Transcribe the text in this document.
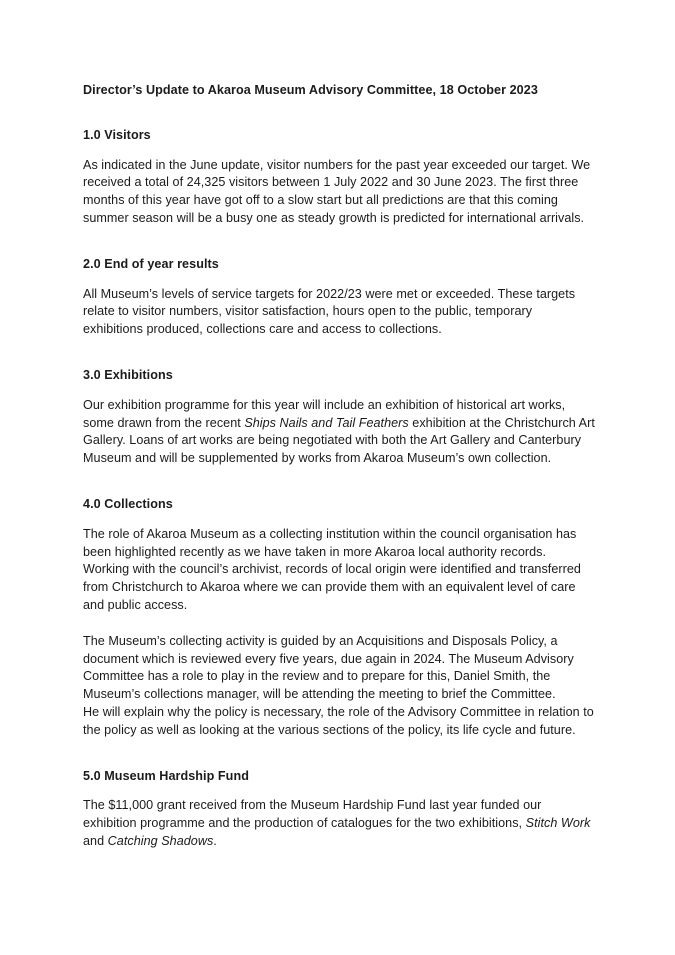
Director’s Update to Akaroa Museum Advisory Committee, 18 October 2023
1.0 Visitors

As indicated in the June update, visitor numbers for the past year exceeded our target. We received a total of 24,325 visitors between 1 July 2022 and 30 June 2023. The first three months of this year have got off to a slow start but all predictions are that this coming summer season will be a busy one as steady growth is predicted for international arrivals.

2.0 End of year results

All Museum’s levels of service targets for 2022/23 were met or exceeded. These targets relate to visitor numbers, visitor satisfaction, hours open to the public, temporary exhibitions produced, collections care and access to collections.

3.0 Exhibitions

Our exhibition programme for this year will include an exhibition of historical art works, some drawn from the recent Ships Nails and Tail Feathers exhibition at the Christchurch Art Gallery. Loans of art works are being negotiated with both the Art Gallery and Canterbury Museum and will be supplemented by works from Akaroa Museum’s own collection.

4.0 Collections

The role of Akaroa Museum as a collecting institution within the council organisation has been highlighted recently as we have taken in more Akaroa local authority records. Working with the council’s archivist, records of local origin were identified and transferred from Christchurch to Akaroa where we can provide them with an equivalent level of care and public access.

The Museum’s collecting activity is guided by an Acquisitions and Disposals Policy, a document which is reviewed every five years, due again in 2024. The Museum Advisory Committee has a role to play in the review and to prepare for this, Daniel Smith, the Museum’s collections manager, will be attending the meeting to brief the Committee.
He will explain why the policy is necessary, the role of the Advisory Committee in relation to the policy as well as looking at the various sections of the policy, its life cycle and future.

5.0 Museum Hardship Fund

The $11,000 grant received from the Museum Hardship Fund last year funded our exhibition programme and the production of catalogues for the two exhibitions, Stitch Work and Catching Shadows.
